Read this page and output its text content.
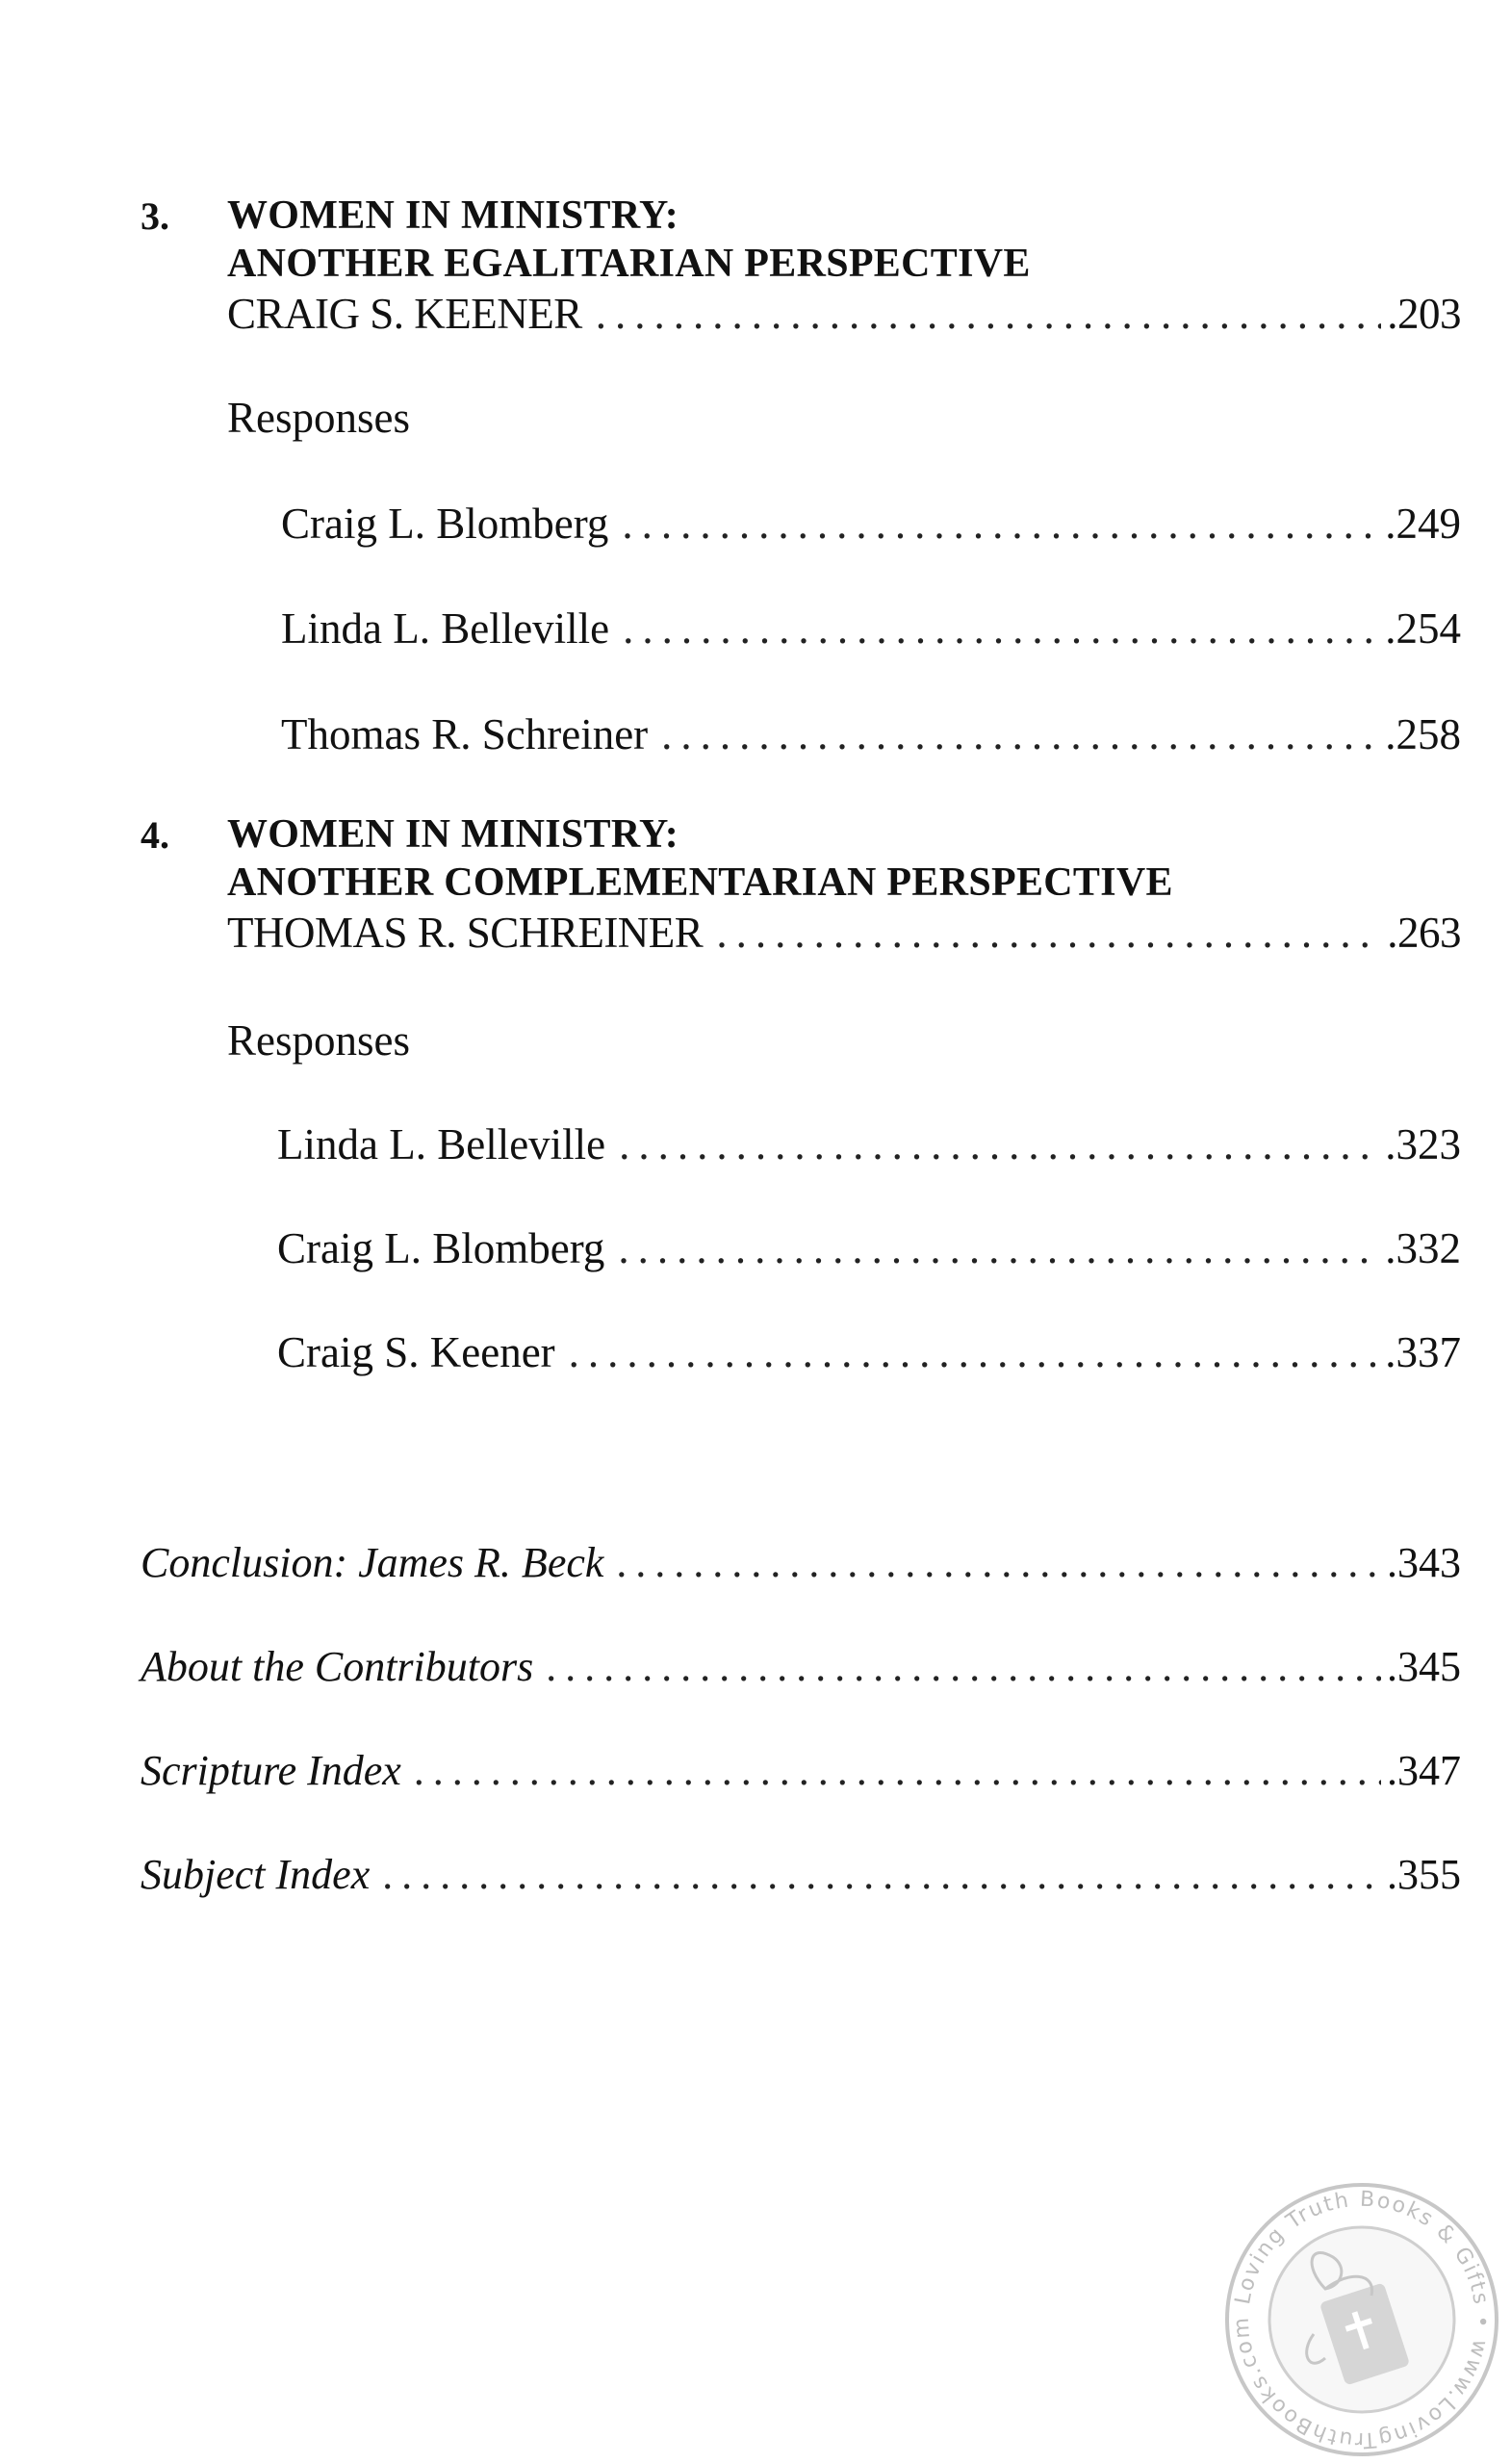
3. WOMEN IN MINISTRY:
ANOTHER EGALITARIAN PERSPECTIVE
CRAIG S. KEENER .....	.203
Responses
Craig L. Blomberg .....	.249
Linda L. Belleville .....	.254
Thomas R. Schreiner .....	.258
4. WOMEN IN MINISTRY:
ANOTHER COMPLEMENTARIAN PERSPECTIVE
THOMAS R. SCHREINER .....	.263
Responses
Linda L. Belleville .....	.323
Craig L. Blomberg .....	.332
Craig S. Keener .....	.337
Conclusion: James R. Beck .....	.343
About the Contributors .....	.345
Scripture Index .....	.347
Subject Index .....	.355
Loving Truth Books & Gifts • www.LovingTruthBooks.com
